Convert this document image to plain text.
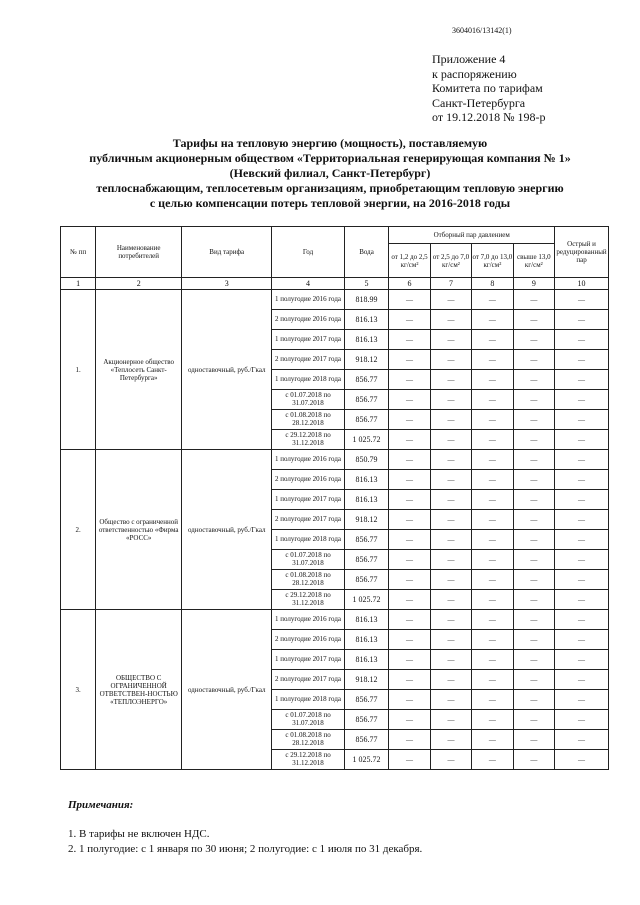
3604016/13142(1)
Приложение 4
к распоряжению
Комитета по тарифам
Санкт-Петербурга
от 19.12.2018 № 198-р
Тарифы на тепловую энергию (мощность), поставляемую
публичным акционерным обществом «Территориальная генерирующая компания № 1»
(Невский филиал, Санкт-Петербург)
теплоснабжающим, теплосетевым организациям, приобретающим тепловую энергию
с целью компенсации потерь тепловой энергии, на 2016-2018 годы
№ пп	Наименование потребителей	Вид тарифа	Год	Вода	Отборный пар давлением				Острый и редуцированный пар
					от 1,2 до 2,5 кг/см²	от 2,5 до 7,0 кг/см²	от 7,0 до 13,0 кг/см²	свыше 13,0 кг/см²	
1	2	3	4	5	6	7	8	9	10
1.	Акционерное общество «Теплосеть Санкт-Петербурга»	одноставочный, руб./Гкал	1 полугодие 2016 года	818.99	—	—	—	—	—
			2 полугодие 2016 года	816.13	—	—	—	—	—
			1 полугодие 2017 года	816.13	—	—	—	—	—
			2 полугодие 2017 года	918.12	—	—	—	—	—
			1 полугодие 2018 года	856.77	—	—	—	—	—
			с 01.07.2018 по 31.07.2018	856.77	—	—	—	—	—
			с 01.08.2018 по 28.12.2018	856.77	—	—	—	—	—
			с 29.12.2018 по 31.12.2018	1 025.72	—	—	—	—	—
2.	Общество с ограниченной ответственностью «Фирма «РОСС»	одноставочный, руб./Гкал	1 полугодие 2016 года	850.79	—	—	—	—	—
			2 полугодие 2016 года	816.13	—	—	—	—	—
			1 полугодие 2017 года	816.13	—	—	—	—	—
			2 полугодие 2017 года	918.12	—	—	—	—	—
			1 полугодие 2018 года	856.77	—	—	—	—	—
			с 01.07.2018 по 31.07.2018	856.77	—	—	—	—	—
			с 01.08.2018 по 28.12.2018	856.77	—	—	—	—	—
			с 29.12.2018 по 31.12.2018	1 025.72	—	—	—	—	—
3.	ОБЩЕСТВО С ОГРАНИЧЕННОЙ ОТВЕТСТВЕН-НОСТЬЮ «ТЕПЛОЭНЕРГО»	одноставочный, руб./Гкал	1 полугодие 2016 года	816.13	—	—	—	—	—
			2 полугодие 2016 года	816.13	—	—	—	—	—
			1 полугодие 2017 года	816.13	—	—	—	—	—
			2 полугодие 2017 года	918.12	—	—	—	—	—
			1 полугодие 2018 года	856.77	—	—	—	—	—
			с 01.07.2018 по 31.07.2018	856.77	—	—	—	—	—
			с 01.08.2018 по 28.12.2018	856.77	—	—	—	—	—
			с 29.12.2018 по 31.12.2018	1 025.72	—	—	—	—	—
Примечания:
1. В тарифы не включен НДС.
2. 1 полугодие: с 1 января по 30 июня; 2 полугодие: с 1 июля по 31 декабря.
